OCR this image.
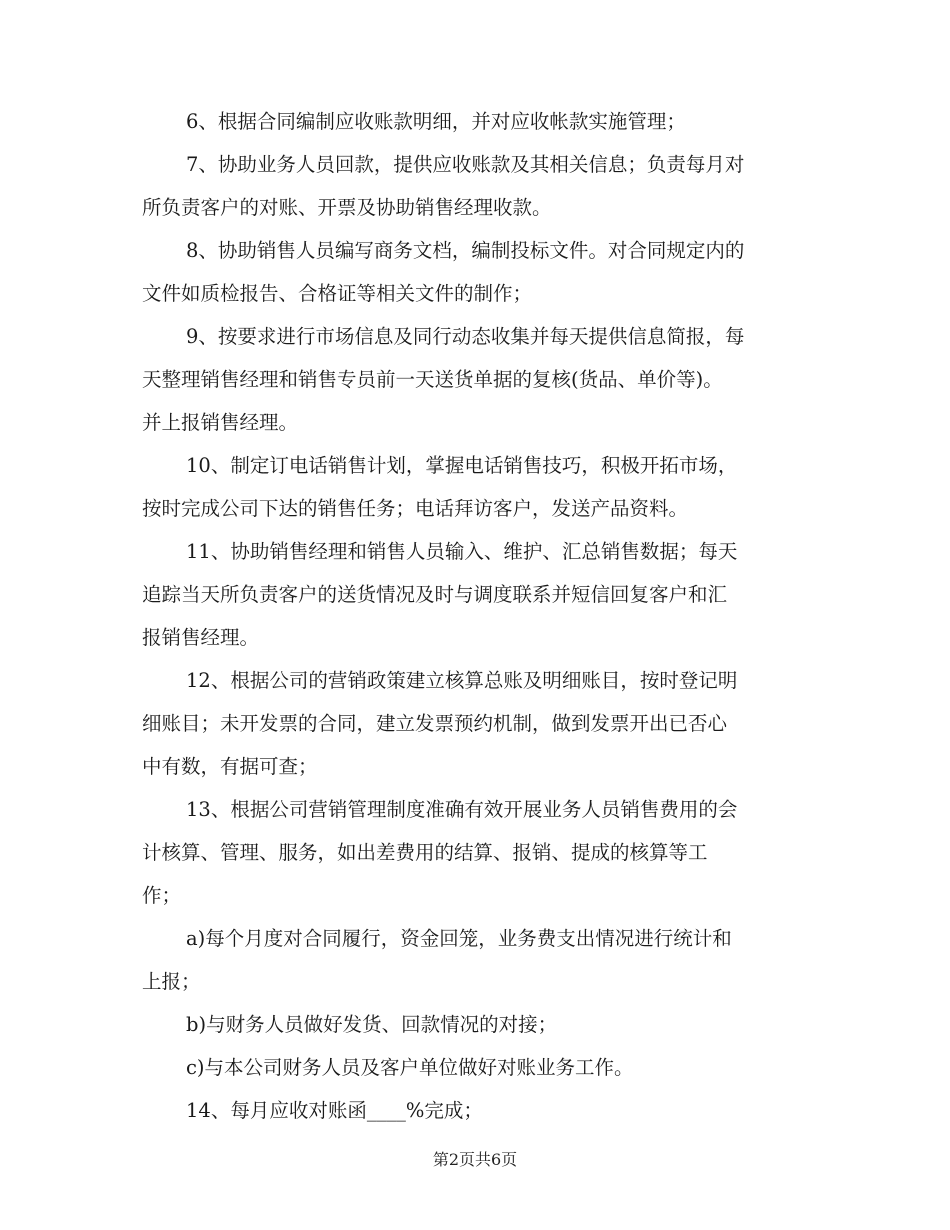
6、根据合同编制应收账款明细，并对应收帐款实施管理；
7、协助业务人员回款，提供应收账款及其相关信息；负责每月对
所负责客户的对账、开票及协助销售经理收款。
8、协助销售人员编写商务文档，编制投标文件。对合同规定内的
文件如质检报告、合格证等相关文件的制作；
9、按要求进行市场信息及同行动态收集并每天提供信息简报，每
天整理销售经理和销售专员前一天送货单据的复核(货品、单价等)。
并上报销售经理。
10、制定订电话销售计划，掌握电话销售技巧，积极开拓市场，
按时完成公司下达的销售任务；电话拜访客户，发送产品资料。
11、协助销售经理和销售人员输入、维护、汇总销售数据；每天
追踪当天所负责客户的送货情况及时与调度联系并短信回复客户和汇
报销售经理。
12、根据公司的营销政策建立核算总账及明细账目，按时登记明
细账目；未开发票的合同，建立发票预约机制，做到发票开出已否心
中有数，有据可查；
13、根据公司营销管理制度准确有效开展业务人员销售费用的会
计核算、管理、服务，如出差费用的结算、报销、提成的核算等工
作；
a)每个月度对合同履行，资金回笼，业务费支出情况进行统计和
上报；
b)与财务人员做好发货、回款情况的对接；
c)与本公司财务人员及客户单位做好对账业务工作。
14、每月应收对账函____%完成；
第2页共6页
